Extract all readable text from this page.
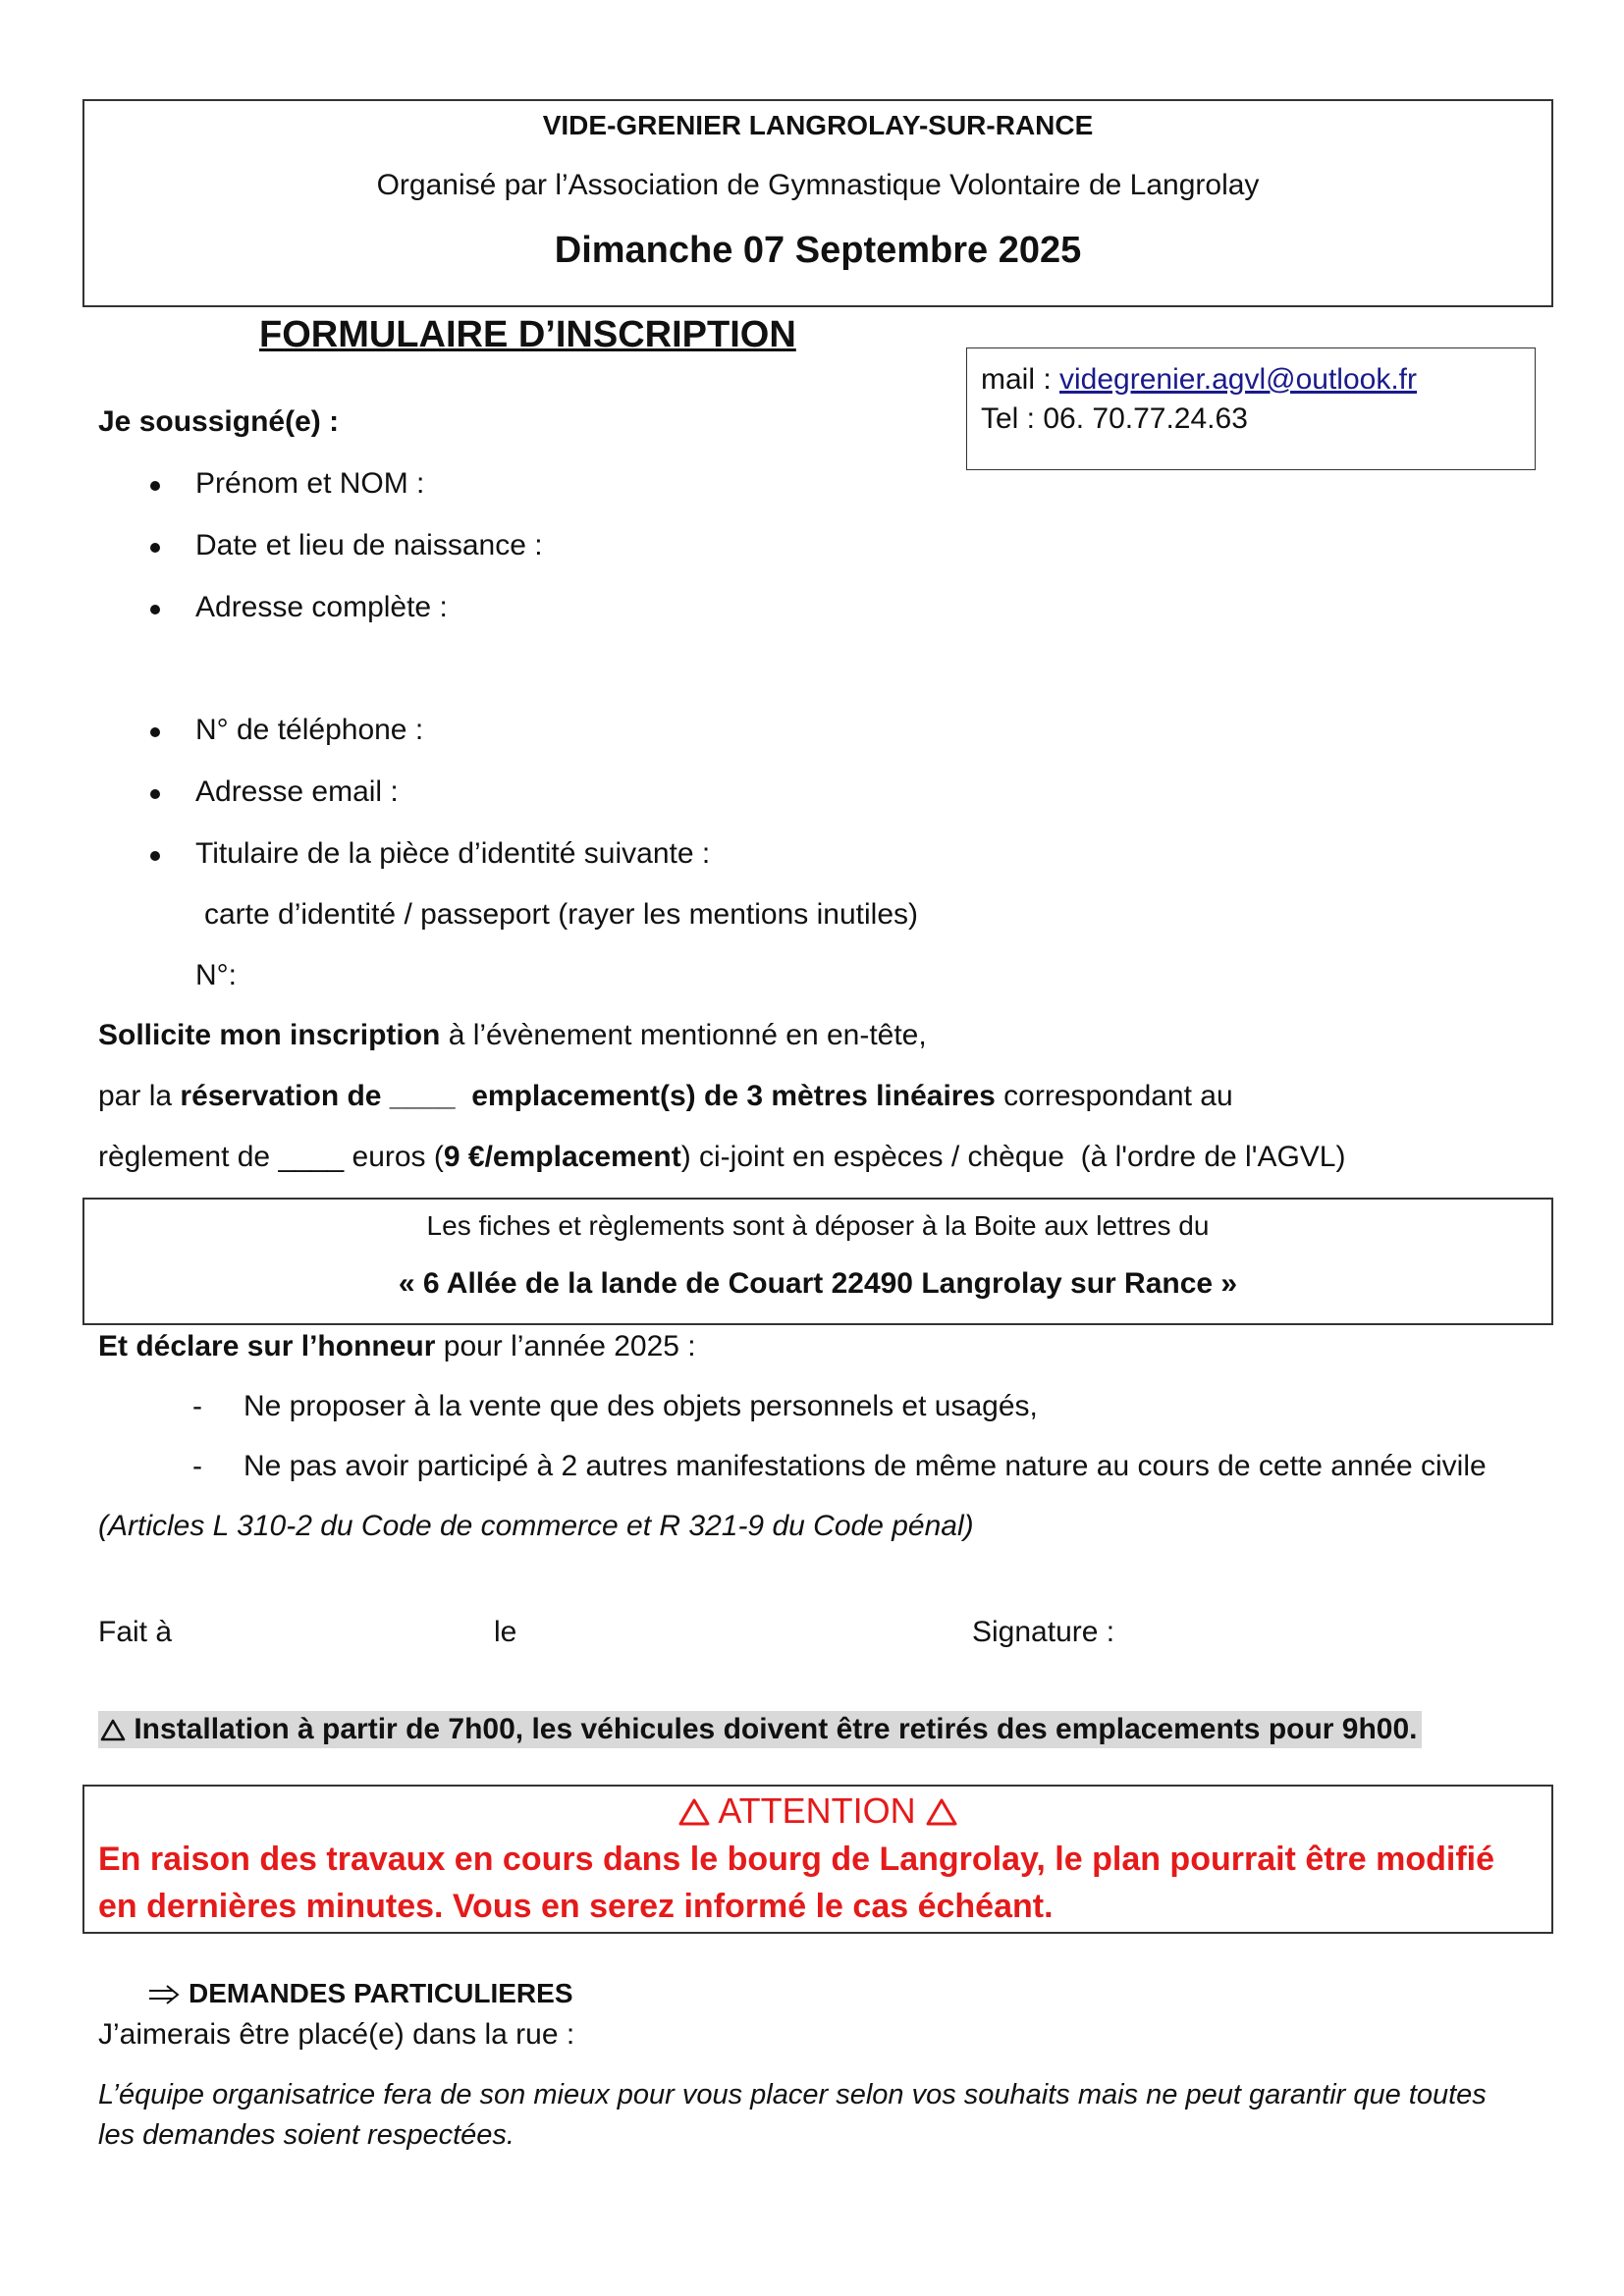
VIDE-GRENIER LANGROLAY-SUR-RANCE
Organisé par l’Association de Gymnastique Volontaire de Langrolay
Dimanche 07 Septembre 2025
FORMULAIRE D’INSCRIPTION
mail : videgrenier.agvl@outlook.fr
Tel : 06. 70.77.24.63
Je soussigné(e) :
Prénom et NOM :
Date et lieu de naissance :
Adresse complète :
N° de téléphone :
Adresse email :
Titulaire de la pièce d’identité suivante :
carte d’identité / passeport (rayer les mentions inutiles)
N°:
Sollicite mon inscription à l’évènement mentionné en en-tête,
par la réservation de ____  emplacement(s) de 3 mètres linéaires correspondant au
règlement de ____ euros (9 €/emplacement) ci-joint en espèces / chèque  (à l'ordre de l'AGVL)
Les fiches et règlements sont à déposer à la Boite aux lettres du
« 6 Allée de la lande de Couart 22490 Langrolay sur Rance »
Et déclare sur l’honneur pour l’année 2025 :
- Ne proposer à la vente que des objets personnels et usagés,
- Ne pas avoir participé à 2 autres manifestations de même nature au cours de cette année civile
(Articles L 310-2 du Code de commerce et R 321-9 du Code pénal)
Fait à	le	Signature :
Installation à partir de 7h00, les véhicules doivent être retirés des emplacements pour 9h00.
ATTENTION
En raison des travaux en cours dans le bourg de Langrolay, le plan pourrait être modifié en dernières minutes. Vous en serez informé le cas échéant.
DEMANDES PARTICULIERES
J’aimerais être placé(e) dans la rue :
L’équipe organisatrice fera de son mieux pour vous placer selon vos souhaits mais ne peut garantir que toutes les demandes soient respectées.
